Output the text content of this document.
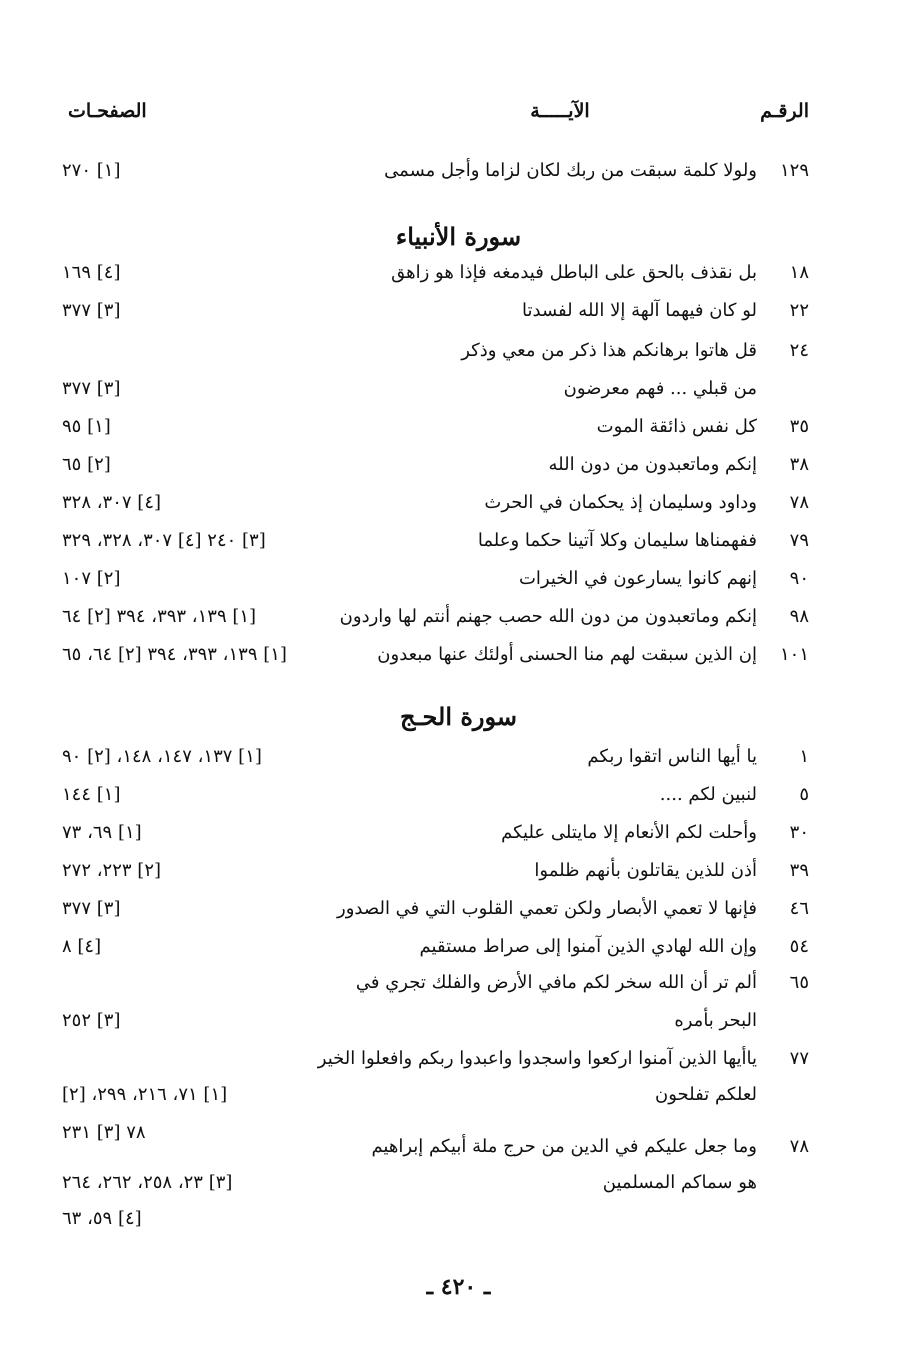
الرقـم
الآيـــــة
الصفحـات
١٢٩
ولولا كلمة سبقت من ربك لكان لزاما وأجل مسمى
[١] ٢٧٠
سورة الأنبياء
١٨
بل نقذف بالحق على الباطل فيدمغه فإذا هو زاهق
[٤] ١٦٩
٢٢
لو كان فيهما آلهة إلا الله لفسدتا
[٣] ٣٧٧
٢٤
قل هاتوا برهانكم هذا ذكر من معي وذكر
من قبلي ... فهم معرضون
[٣] ٣٧٧
٣٥
كل نفس ذائقة الموت
[١] ٩٥
٣٨
إنكم وماتعبدون من دون الله
[٢] ٦٥
٧٨
وداود وسليمان إذ يحكمان في الحرث
[٤] ٣٠٧، ٣٢٨
٧٩
ففهمناها سليمان وكلا آتينا حكما وعلما
[٣] ٢٤٠ [٤] ٣٠٧، ٣٢٨، ٣٢٩
٩٠
إنهم كانوا يسارعون في الخيرات
[٢] ١٠٧
٩٨
إنكم وماتعبدون من دون الله حصب جهنم أنتم لها واردون
[١] ١٣٩، ٣٩٣، ٣٩٤ [٢] ٦٤
١٠١
إن الذين سبقت لهم منا الحسنى أولئك عنها مبعدون
[١] ١٣٩، ٣٩٣، ٣٩٤ [٢] ٦٤، ٦٥
سورة الحـج
١
يا أيها الناس اتقوا ربكم
[١] ١٣٧، ١٤٧، ١٤٨، [٢] ٩٠
٥
لنبين لكم ....
[١] ١٤٤
٣٠
وأحلت لكم الأنعام إلا مايتلى عليكم
[١] ٦٩، ٧٣
٣٩
أذن للذين يقاتلون بأنهم ظلموا
[٢] ٢٢٣، ٢٧٢
٤٦
فإنها لا تعمي الأبصار ولكن تعمي القلوب التي في الصدور
[٣] ٣٧٧
٥٤
وإن الله لهادي الذين آمنوا إلى صراط مستقيم
[٤] ٨
٦٥
ألم تر أن الله سخر لكم مافي الأرض والفلك تجري في
البحر بأمره
[٣] ٢٥٢
٧٧
ياأيها الذين آمنوا اركعوا واسجدوا واعبدوا ربكم وافعلوا الخير
لعلكم تفلحون
[١] ٧١، ٢١٦، ٢٩٩، [٢]
٧٨ [٣] ٢٣١
٧٨
وما جعل عليكم في الدين من حرج ملة أبيكم إبراهيم
هو سماكم المسلمين
[٣] ٢٣، ٢٥٨، ٢٦٢، ٢٦٤
[٤] ٥٩، ٦٣
ـ ٤٢٠ ـ
